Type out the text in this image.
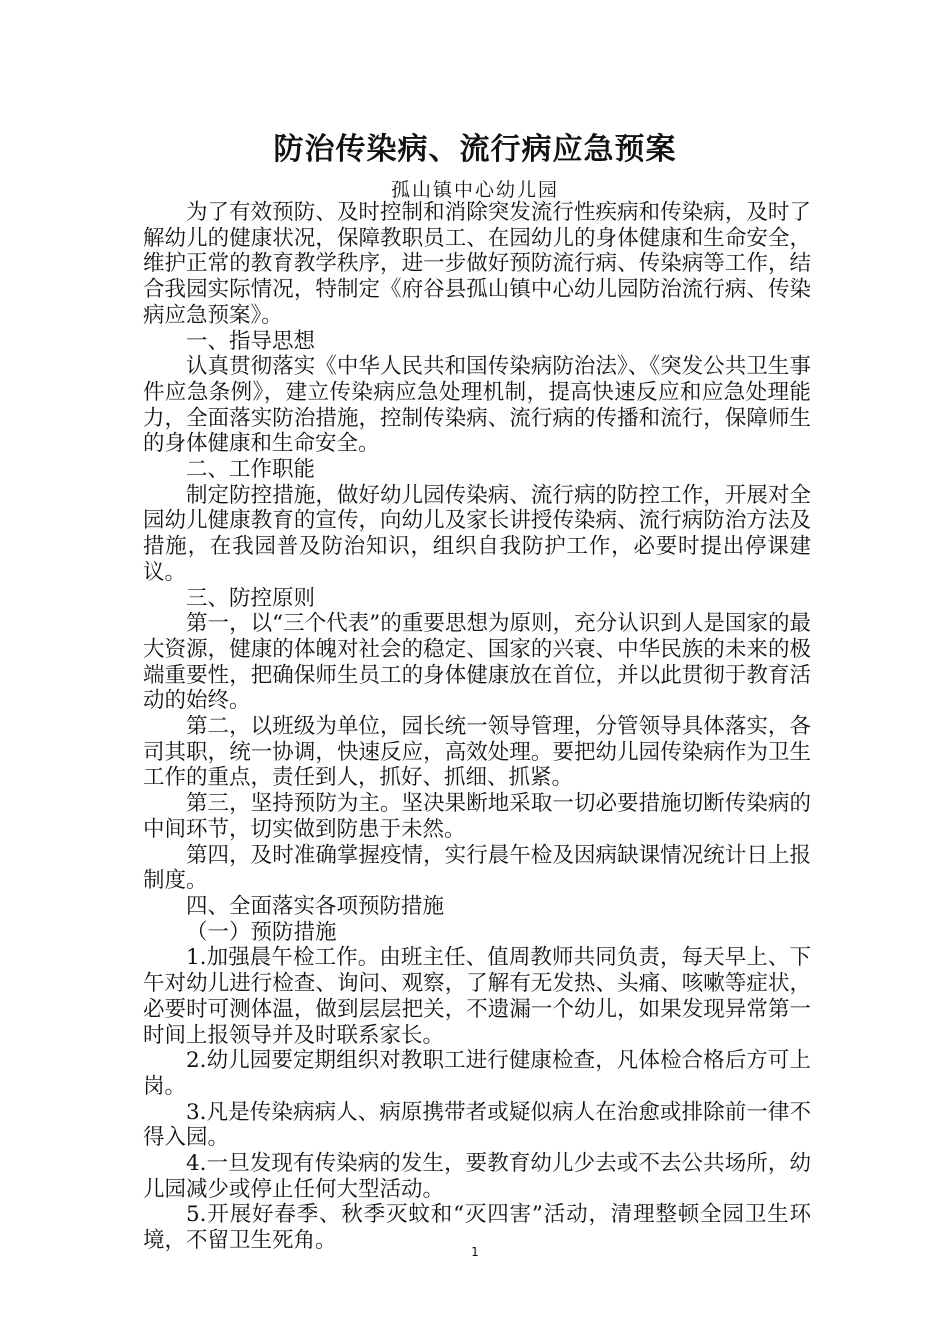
防治传染病、流行病应急预案
孤山镇中心幼儿园

为了有效预防、及时控制和消除突发流行性疾病和传染病，及时了解幼儿的健康状况，保障教职员工、在园幼儿的身体健康和生命安全，维护正常的教育教学秩序，进一步做好预防流行病、传染病等工作，结合我园实际情况，特制定《府谷县孤山镇中心幼儿园防治流行病、传染病应急预案》。

一、指导思想

认真贯彻落实《中华人民共和国传染病防治法》、《突发公共卫生事件应急条例》，建立传染病应急处理机制，提高快速反应和应急处理能力，全面落实防治措施，控制传染病、流行病的传播和流行，保障师生的身体健康和生命安全。

二、工作职能

制定防控措施，做好幼儿园传染病、流行病的防控工作，开展对全园幼儿健康教育的宣传，向幼儿及家长讲授传染病、流行病防治方法及措施，在我园普及防治知识，组织自我防护工作，必要时提出停课建议。

三、防控原则

第一，以“三个代表”的重要思想为原则，充分认识到人是国家的最大资源，健康的体魄对社会的稳定、国家的兴衰、中华民族的未来的极端重要性，把确保师生员工的身体健康放在首位，并以此贯彻于教育活动的始终。

第二，以班级为单位，园长统一领导管理，分管领导具体落实，各司其职，统一协调，快速反应，高效处理。要把幼儿园传染病作为卫生工作的重点，责任到人，抓好、抓细、抓紧。

第三，坚持预防为主。坚决果断地采取一切必要措施切断传染病的中间环节，切实做到防患于未然。

第四，及时准确掌握疫情，实行晨午检及因病缺课情况统计日上报制度。

四、全面落实各项预防措施

（一）预防措施

1.加强晨午检工作。由班主任、值周教师共同负责，每天早上、下午对幼儿进行检查、询问、观察，了解有无发热、头痛、咳嗽等症状，必要时可测体温，做到层层把关，不遗漏一个幼儿，如果发现异常第一时间上报领导并及时联系家长。

2.幼儿园要定期组织对教职工进行健康检查，凡体检合格后方可上岗。

3.凡是传染病病人、病原携带者或疑似病人在治愈或排除前一律不得入园。

4.一旦发现有传染病的发生，要教育幼儿少去或不去公共场所，幼儿园减少或停止任何大型活动。

5.开展好春季、秋季灭蚊和“灭四害”活动，清理整顿全园卫生环境，不留卫生死角。	1
